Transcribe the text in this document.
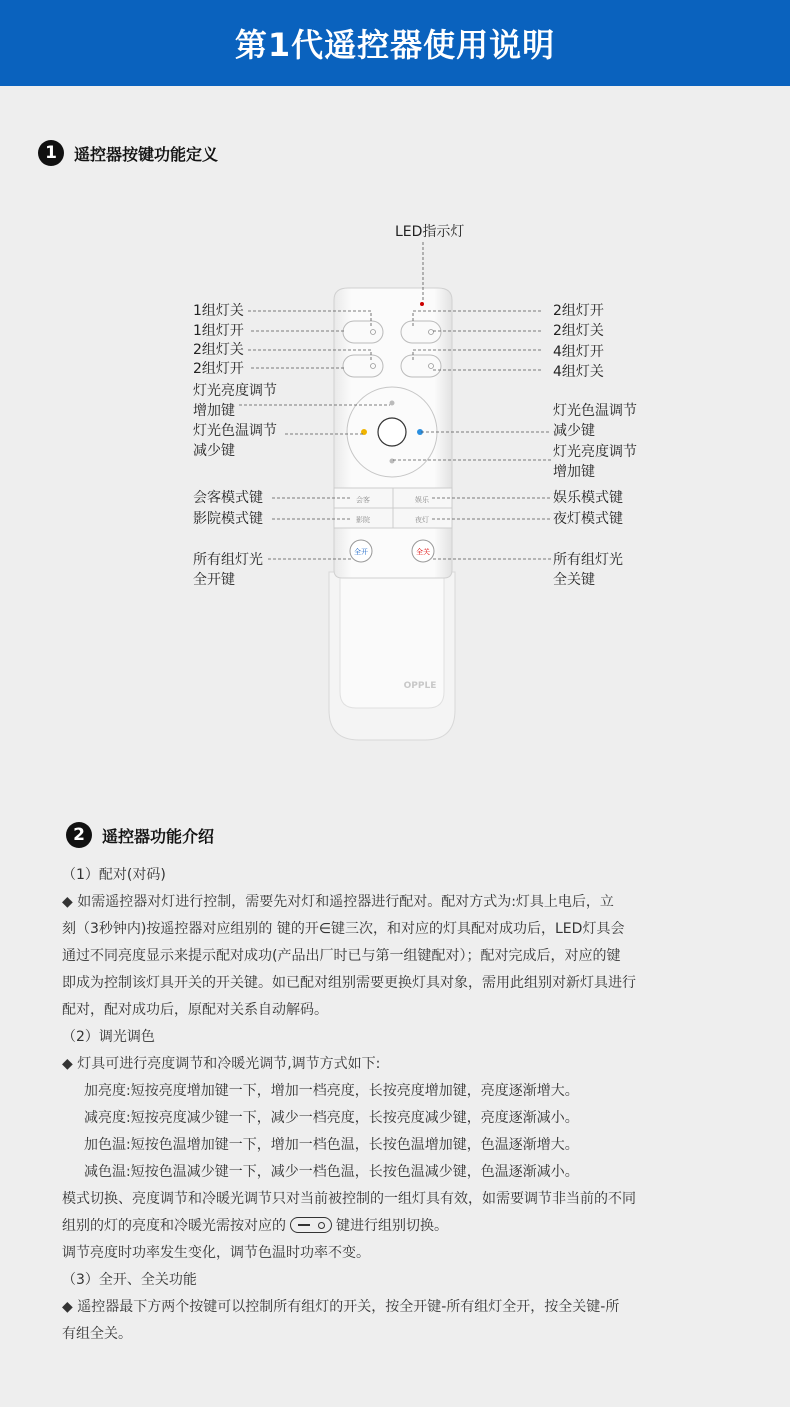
第1代遥控器使用说明
1	遥控器按键功能定义
会客	娱乐
影院	夜灯
全开	全关
OPPLE
LED指示灯
1组灯关
1组灯开
2组灯关
2组灯开
灯光亮度调节
增加键
灯光色温调节
减少键
会客模式键
影院模式键
所有组灯光
全开键
2组灯开
2组灯关
4组灯开
4组灯关
灯光色温调节
减少键
灯光亮度调节
增加键
娱乐模式键
夜灯模式键
所有组灯光
全关键
2	遥控器功能介绍
（1）配对(对码)
◆ 如需遥控器对灯进行控制，需要先对灯和遥控器进行配对。配对方式为:灯具上电后，立
刻（3秒钟内)按遥控器对应组别的 键的开∈键三次，和对应的灯具配对成功后，LED灯具会
通过不同亮度显示来提示配对成功(产品出厂时已与第一组键配对）；配对完成后，对应的键
即成为控制该灯具开关的开关键。如已配对组别需要更换灯具对象，需用此组别对新灯具进行
配对，配对成功后，原配对关系自动解码。
（2）调光调色
◆ 灯具可进行亮度调节和冷暖光调节,调节方式如下:
加亮度:短按亮度增加键一下，增加一档亮度，长按亮度增加键，亮度逐渐增大。
减亮度:短按亮度减少键一下，减少一档亮度，长按亮度减少键，亮度逐渐减小。
加色温:短按色温增加键一下，增加一档色温，长按色温增加键，色温逐渐增大。
减色温:短按色温减少键一下，减少一档色温，长按色温减少键，色温逐渐减小。
模式切换、亮度调节和冷暖光调节只对当前被控制的一组灯具有效，如需要调节非当前的不同
组别的灯的亮度和冷暖光需按对应的	键进行组别切换。
调节亮度时功率发生变化，调节色温时功率不变。
（3）全开、全关功能
◆ 遥控器最下方两个按键可以控制所有组灯的开关，按全开键-所有组灯全开，按全关键-所
有组全关。
